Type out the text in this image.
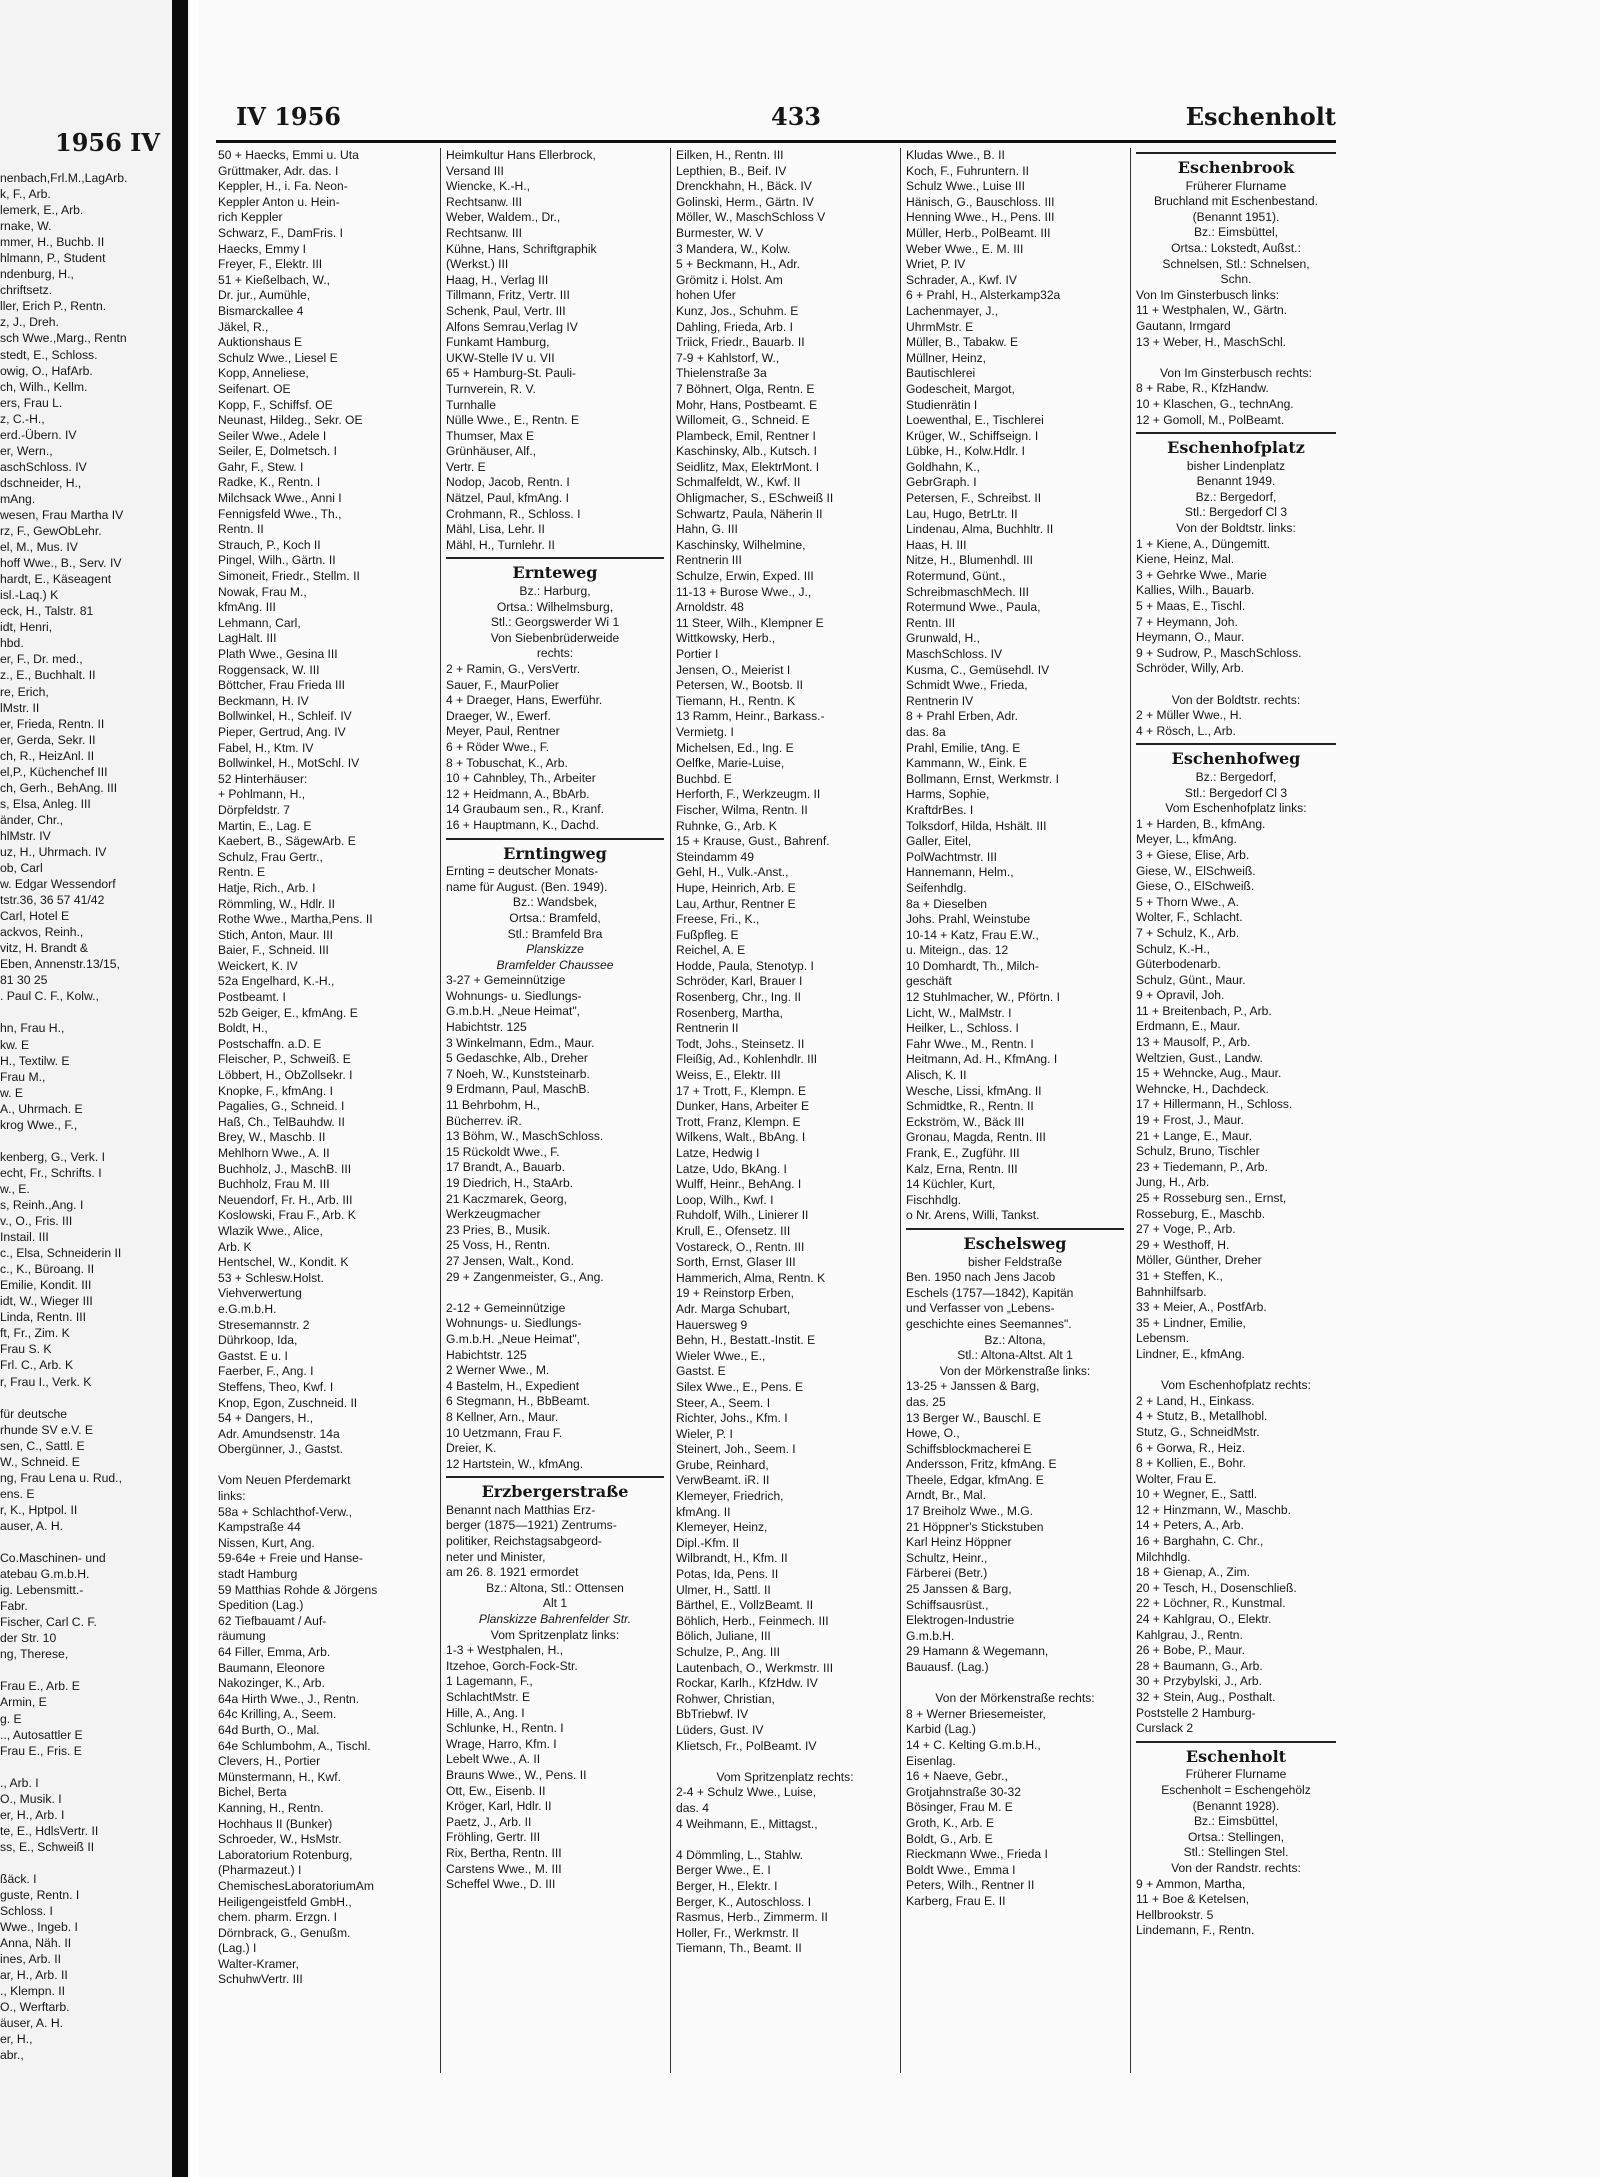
1956 IV
nenbach,Frl.M.,LagArb.
k, F., Arb.
lemerk, E., Arb.
rnake, W.
mmer, H., Buchb. II
hlmann, P., Student
ndenburg, H.,
chriftsetz.
ller, Erich P., Rentn.
z, J., Dreh.
sch Wwe.,Marg., Rentn
stedt, E., Schloss.
owig, O., HafArb.
ch, Wilh., Kellm.
ers, Frau L.
z, C.-H.,
erd.-Übern. IV
er, Wern.,
aschSchloss. IV
dschneider, H.,
mAng.
wesen, Frau Martha IV
rz, F., GewObLehr.
el, M., Mus. IV
hoff Wwe., B., Serv. IV
hardt, E., Käseagent
isl.-Laq.) K
eck, H., Talstr. 81
idt, Henri,
hbd.
er, F., Dr. med.,
z., E., Buchhalt. II
re, Erich,
lMstr. II
er, Frieda, Rentn. II
er, Gerda, Sekr. II
ch, R., HeizAnl. II
el,P., Küchenchef III
ch, Gerh., BehAng. III
s, Elsa, Anleg. III
änder, Chr.,
hlMstr. IV
uz, H., Uhrmach. IV
ob, Carl
w. Edgar Wessendorf
tstr.36, 36 57 41/42
Carl, Hotel E
ackvos, Reinh.,
vitz, H. Brandt &
Eben, Annenstr.13/15,
81 30 25
. Paul C. F., Kolw.,

hn, Frau H.,
kw. E
H., Textilw. E
Frau M.,
w. E
A., Uhrmach. E
krog Wwe., F.,

kenberg, G., Verk. I
echt, Fr., Schrifts. I
w., E.
s, Reinh.,Ang. I
v., O., Fris. III
Instail. III
c., Elsa, Schneiderin II
c., K., Büroang. II
Emilie, Kondit. III
idt, W., Wieger III
Linda, Rentn. III
ft, Fr., Zim. K
Frau S. K
Frl. C., Arb. K
r, Frau I., Verk. K

für deutsche
rhunde SV e.V. E
sen, C., Sattl. E
W., Schneid. E
ng, Frau Lena u. Rud.,
ens. E
r, K., Hptpol. II
auser, A. H.

Co.Maschinen- und
atebau G.m.b.H.
ig. Lebensmitt.-
Fabr.
Fischer, Carl C. F.
der Str. 10
ng, Therese,

Frau E., Arb. E
Armin, E
g. E
.., Autosattler E
Frau E., Fris. E

., Arb. I
O., Musik. I
er, H., Arb. I
te, E., HdlsVertr. II
ss, E., Schweiß II

ßäck. I
guste, Rentn. I
Schloss. I
Wwe., Ingeb. I
Anna, Näh. II
ines, Arb. II
ar, H., Arb. II
., Klempn. II
O., Werftarb.
äuser, A. H.
er, H.,
abr.,
IV 1956	433	Eschenholt
50 + Haecks, Emmi u. Uta
Grüttmaker, Adr. das. I
Keppler, H., i. Fa. Neon-
Keppler Anton u. Hein-
rich Keppler
Schwarz, F., DamFris. I
Haecks, Emmy I
Freyer, F., Elektr. III
51 + Kießelbach, W.,
Dr. jur., Aumühle,
Bismarckallee 4
Jäkel, R.,
Auktionshaus E
Schulz Wwe., Liesel E
Kopp, Anneliese,
Seifenart. OE
Kopp, F., Schiffsf. OE
Neunast, Hildeg., Sekr. OE
Seiler Wwe., Adele I
Seiler, E, Dolmetsch. I
Gahr, F., Stew. I
Radke, K., Rentn. I
Milchsack Wwe., Anni I
Fennigsfeld Wwe., Th.,
Rentn. II
Strauch, P., Koch II
Pingel, Wilh., Gärtn. II
Simoneit, Friedr., Stellm. II
Nowak, Frau M.,
kfmAng. III
Lehmann, Carl,
LagHalt. III
Plath Wwe., Gesina III
Roggensack, W. III
Böttcher, Frau Frieda III
Beckmann, H. IV
Bollwinkel, H., Schleif. IV
Pieper, Gertrud, Ang. IV
Fabel, H., Ktm. IV
Bollwinkel, H., MotSchl. IV
52 Hinterhäuser:
+ Pohlmann, H.,
Dörpfeldstr. 7
Martin, E., Lag. E
Kaebert, B., SägewArb. E
Schulz, Frau Gertr.,
Rentn. E
Hatje, Rich., Arb. I
Römmling, W., Hdlr. II
Rothe Wwe., Martha,Pens. II
Stich, Anton, Maur. III
Baier, F., Schneid. III
Weickert, K. IV
52a Engelhard, K.-H.,
Postbeamt. I
52b Geiger, E., kfmAng. E
Boldt, H.,
Postschaffn. a.D. E
Fleischer, P., Schweiß. E
Löbbert, H., ObZollsekr. I
Knopke, F., kfmAng. I
Pagalies, G., Schneid. I
Haß, Ch., TelBauhdw. II
Brey, W., Maschb. II
Mehlhorn Wwe., A. II
Buchholz, J., MaschB. III
Buchholz, Frau M. III
Neuendorf, Fr. H., Arb. III
Koslowski, Frau F., Arb. K
Wlazik Wwe., Alice,
Arb. K
Hentschel, W., Kondit. K
53 + Schlesw.Holst.
Viehverwertung
e.G.m.b.H.
Stresemannstr. 2
Dührkoop, Ida,
Gastst. E u. I
Faerber, F., Ang. I
Steffens, Theo, Kwf. I
Knop, Egon, Zuschneid. II
54 + Dangers, H.,
Adr. Amundsenstr. 14a
Obergünner, J., Gastst.

Vom Neuen Pferdemarkt
links:
58a + Schlachthof-Verw.,
Kampstraße 44
Nissen, Kurt, Ang.
59-64e + Freie und Hanse-
stadt Hamburg
59 Matthias Rohde & Jörgens
Spedition (Lag.)
62 Tiefbauamt / Auf-
räumung
64 Filler, Emma, Arb.
Baumann, Eleonore
Nakozinger, K., Arb.
64a Hirth Wwe., J., Rentn.
64c Krilling, A., Seem.
64d Burth, O., Mal.
64e Schlumbohm, A., Tischl.
Clevers, H., Portier
Münstermann, H., Kwf.
Bichel, Berta
Kanning, H., Rentn.
Hochhaus II (Bunker)
Schroeder, W., HsMstr.
Laboratorium Rotenburg,
(Pharmazeut.) I
ChemischesLaboratoriumAm
Heiligengeistfeld GmbH.,
chem. pharm. Erzgn. I
Dörnbrack, G., Genußm.
(Lag.) I
Walter-Kramer,
SchuhwVertr. III
Heimkultur Hans Ellerbrock,
Versand III
Wiencke, K.-H.,
Rechtsanw. III
Weber, Waldem., Dr.,
Rechtsanw. III
Kühne, Hans, Schriftgraphik
(Werkst.) III
Haag, H., Verlag III
Tillmann, Fritz, Vertr. III
Schenk, Paul, Vertr. III
Alfons Semrau,Verlag IV
Funkamt Hamburg,
UKW-Stelle IV u. VII
65 + Hamburg-St. Pauli-
Turnverein, R. V.
Turnhalle
Nülle Wwe., E., Rentn. E
Thumser, Max E
Grünhäuser, Alf.,
Vertr. E
Nodop, Jacob, Rentn. I
Nätzel, Paul, kfmAng. I
Crohmann, R., Schloss. I
Mähl, Lisa, Lehr. II
Mähl, H., Turnlehr. II
Ernteweg
Bz.: Harburg,
Ortsa.: Wilhelmsburg,
Stl.: Georgswerder Wi 1
Von Siebenbrüderweide
rechts:
2 + Ramin, G., VersVertr.
Sauer, F., MaurPolier
4 + Draeger, Hans, Ewerführ.
Draeger, W., Ewerf.
Meyer, Paul, Rentner
6 + Röder Wwe., F.
8 + Tobuschat, K., Arb.
10 + Cahnbley, Th., Arbeiter
12 + Heidmann, A., BbArb.
14 Graubaum sen., R., Kranf.
16 + Hauptmann, K., Dachd.
Erntingweg
Ernting = deutscher Monats-
name für August. (Ben. 1949).
Bz.: Wandsbek,
Ortsa.: Bramfeld,
Stl.: Bramfeld Bra
Planskizze
Bramfelder Chaussee
3-27 + Gemeinnützige
Wohnungs- u. Siedlungs-
G.m.b.H. „Neue Heimat",
Habichtstr. 125
3 Winkelmann, Edm., Maur.
5 Gedaschke, Alb., Dreher
7 Noeh, W., Kunststeinarb.
9 Erdmann, Paul, MaschB.
11 Behrbohm, H.,
Bücherrev. iR.
13 Böhm, W., MaschSchloss.
15 Rückoldt Wwe., F.
17 Brandt, A., Bauarb.
19 Diedrich, H., StaArb.
21 Kaczmarek, Georg,
Werkzeugmacher
23 Pries, B., Musik.
25 Voss, H., Rentn.
27 Jensen, Walt., Kond.
29 + Zangenmeister, G., Ang.

2-12 + Gemeinnützige
Wohnungs- u. Siedlungs-
G.m.b.H. „Neue Heimat",
Habichtstr. 125
2 Werner Wwe., M.
4 Bastelm, H., Expedient
6 Stegmann, H., BbBeamt.
8 Kellner, Arn., Maur.
10 Uetzmann, Frau F.
Dreier, K.
12 Hartstein, W., kfmAng.
Erzbergerstraße
Benannt nach Matthias Erz-
berger (1875—1921) Zentrums-
politiker, Reichstagsabgeord-
neter und Minister,
am 26. 8. 1921 ermordet
Bz.: Altona, Stl.: Ottensen
Alt 1
Planskizze Bahrenfelder Str.
Vom Spritzenplatz links:
1-3 + Westphalen, H.,
Itzehoe, Gorch-Fock-Str.
1 Lagemann, F.,
SchlachtMstr. E
Hille, A., Ang. I
Schlunke, H., Rentn. I
Wrage, Harro, Kfm. I
Lebelt Wwe., A. II
Brauns Wwe., W., Pens. II
Ott, Ew., Eisenb. II
Kröger, Karl, Hdlr. II
Paetz, J., Arb. II
Fröhling, Gertr. III
Rix, Bertha, Rentn. III
Carstens Wwe., M. III
Scheffel Wwe., D. III
Eilken, H., Rentn. III
Lepthien, B., Beif. IV
Drenckhahn, H., Bäck. IV
Golinski, Herm., Gärtn. IV
Möller, W., MaschSchloss V
Burmester, W. V
3 Mandera, W., Kolw.
5 + Beckmann, H., Adr.
Grömitz i. Holst. Am
hohen Ufer
Kunz, Jos., Schuhm. E
Dahling, Frieda, Arb. I
Triick, Friedr., Bauarb. II
7-9 + Kahlstorf, W.,
Thielenstraße 3a
7 Böhnert, Olga, Rentn. E
Mohr, Hans, Postbeamt. E
Willomeit, G., Schneid. E
Plambeck, Emil, Rentner I
Kaschinsky, Alb., Kutsch. I
Seidlitz, Max, ElektrMont. I
Schmalfeldt, W., Kwf. II
Ohligmacher, S., ESchweiß II
Schwartz, Paula, Näherin II
Hahn, G. III
Kaschinsky, Wilhelmine,
Rentnerin III
Schulze, Erwin, Exped. III
11-13 + Burose Wwe., J.,
Arnoldstr. 48
11 Steer, Wilh., Klempner E
Wittkowsky, Herb.,
Portier I
Jensen, O., Meierist I
Petersen, W., Bootsb. II
Tiemann, H., Rentn. K
13 Ramm, Heinr., Barkass.-
Vermietg. I
Michelsen, Ed., Ing. E
Oelfke, Marie-Luise,
Buchbd. E
Herforth, F., Werkzeugm. II
Fischer, Wilma, Rentn. II
Ruhnke, G., Arb. K
15 + Krause, Gust., Bahrenf.
Steindamm 49
Gehl, H., Vulk.-Anst.,
Hupe, Heinrich, Arb. E
Lau, Arthur, Rentner E
Freese, Fri., K.,
Fußpfleg. E
Reichel, A. E
Hodde, Paula, Stenotyp. I
Schröder, Karl, Brauer I
Rosenberg, Chr., Ing. II
Rosenberg, Martha,
Rentnerin II
Todt, Johs., Steinsetz. II
Fleißig, Ad., Kohlenhdlr. III
Weiss, E., Elektr. III
17 + Trott, F., Klempn. E
Dunker, Hans, Arbeiter E
Trott, Franz, Klempn. E
Wilkens, Walt., BbAng. I
Latze, Hedwig I
Latze, Udo, BkAng. I
Wulff, Heinr., BehAng. I
Loop, Wilh., Kwf. I
Ruhdolf, Wilh., Linierer II
Krull, E., Ofensetz. III
Vostareck, O., Rentn. III
Sorth, Ernst, Glaser III
Hammerich, Alma, Rentn. K
19 + Reinstorp Erben,
Adr. Marga Schubart,
Hauersweg 9
Behn, H., Bestatt.-Instit. E
Wieler Wwe., E.,
Gastst. E
Silex Wwe., E., Pens. E
Steer, A., Seem. I
Richter, Johs., Kfm. I
Wieler, P. I
Steinert, Joh., Seem. I
Grube, Reinhard,
VerwBeamt. iR. II
Klemeyer, Friedrich,
kfmAng. II
Klemeyer, Heinz,
Dipl.-Kfm. II
Wilbrandt, H., Kfm. II
Potas, Ida, Pens. II
Ulmer, H., Sattl. II
Bärthel, E., VollzBeamt. II
Böhlich, Herb., Feinmech. III
Bölich, Juliane, III
Schulze, P., Ang. III
Lautenbach, O., Werkmstr. III
Rockar, Karlh., KfzHdw. IV
Rohwer, Christian,
BbTriebwf. IV
Lüders, Gust. IV
Klietsch, Fr., PolBeamt. IV

Vom Spritzenplatz rechts:
2-4 + Schulz Wwe., Luise,
das. 4
4 Weihmann, E., Mittagst.,

4 Dömmling, L., Stahlw.
Berger Wwe., E. I
Berger, H., Elektr. I
Berger, K., Autoschloss. I
Rasmus, Herb., Zimmerm. II
Holler, Fr., Werkmstr. II
Tiemann, Th., Beamt. II
Kludas Wwe., B. II
Koch, F., Fuhruntern. II
Schulz Wwe., Luise III
Hänisch, G., Bauschloss. III
Henning Wwe., H., Pens. III
Müller, Herb., PolBeamt. III
Weber Wwe., E. M. III
Wriet, P. IV
Schrader, A., Kwf. IV
6 + Prahl, H., Alsterkamp32a
Lachenmayer, J.,
UhrmMstr. E
Müller, B., Tabakw. E
Müllner, Heinz,
Bautischlerei
Godescheit, Margot,
Studienrätin I
Loewenthal, E., Tischlerei
Krüger, W., Schiffseign. I
Lübke, H., Kolw.Hdlr. I
Goldhahn, K.,
GebrGraph. I
Petersen, F., Schreibst. II
Lau, Hugo, BetrLtr. II
Lindenau, Alma, Buchhltr. II
Haas, H. III
Nitze, H., Blumenhdl. III
Rotermund, Günt.,
SchreibmaschMech. III
Rotermund Wwe., Paula,
Rentn. III
Grunwald, H.,
MaschSchloss. IV
Kusma, C., Gemüsehdl. IV
Schmidt Wwe., Frieda,
Rentnerin IV
8 + Prahl Erben, Adr.
das. 8a
Prahl, Emilie, tAng. E
Kammann, W., Eink. E
Bollmann, Ernst, Werkmstr. I
Harms, Sophie,
KraftdrBes. I
Tolksdorf, Hilda, Hshält. III
Galler, Eitel,
PolWachtmstr. III
Hannemann, Helm.,
Seifenhdlg.
8a + Dieselben
Johs. Prahl, Weinstube
10-14 + Katz, Frau E.W.,
u. Miteign., das. 12
10 Domhardt, Th., Milch-
geschäft
12 Stuhlmacher, W., Pförtn. I
Licht, W., MalMstr. I
Heilker, L., Schloss. I
Fahr Wwe., M., Rentn. I
Heitmann, Ad. H., KfmAng. I
Alisch, K. II
Wesche, Lissi, kfmAng. II
Schmidtke, R., Rentn. II
Eckström, W., Bäck III
Gronau, Magda, Rentn. III
Frank, E., Zugführ. III
Kalz, Erna, Rentn. III
14 Küchler, Kurt,
Fischhdlg.
o Nr. Arens, Willi, Tankst.
Eschelsweg
bisher Feldstraße
Ben. 1950 nach Jens Jacob
Eschels (1757—1842), Kapitän
und Verfasser von „Lebens-
geschichte eines Seemannes".
Bz.: Altona,
Stl.: Altona-Altst. Alt 1
Von der Mörkenstraße links:
13-25 + Janssen & Barg,
das. 25
13 Berger W., Bauschl. E
Howe, O.,
Schiffsblockmacherei E
Andersson, Fritz, kfmAng. E
Theele, Edgar, kfmAng. E
Arndt, Br., Mal.
17 Breiholz Wwe., M.G.
21 Höppner's Stickstuben
Karl Heinz Höppner
Schultz, Heinr.,
Färberei (Betr.)
25 Janssen & Barg,
Schiffsausrüst.,
Elektrogen-Industrie
G.m.b.H.
29 Hamann & Wegemann,
Bauausf. (Lag.)

Von der Mörkenstraße rechts:
8 + Werner Briesemeister,
Karbid (Lag.)
14 + C. Kelting G.m.b.H.,
Eisenlag.
16 + Naeve, Gebr.,
Grotjahnstraße 30-32
Bösinger, Frau M. E
Groth, K., Arb. E
Boldt, G., Arb. E
Rieckmann Wwe., Frieda I
Boldt Wwe., Emma I
Peters, Wilh., Rentner II
Karberg, Frau E. II
Eschenbrook
Früherer Flurname
Bruchland mit Eschenbestand.
(Benannt 1951).
Bz.: Eimsbüttel,
Ortsa.: Lokstedt, Außst.:
Schnelsen, Stl.: Schnelsen,
Schn.
Von Im Ginsterbusch links:
11 + Westphalen, W., Gärtn.
Gautann, Irmgard
13 + Weber, H., MaschSchl.

Von Im Ginsterbusch rechts:
8 + Rabe, R., KfzHandw.
10 + Klaschen, G., technAng.
12 + Gomoll, M., PolBeamt.
Eschenhofplatz
bisher Lindenplatz
Benannt 1949.
Bz.: Bergedorf,
Stl.: Bergedorf Cl 3
Von der Boldtstr. links:
1 + Kiene, A., Düngemitt.
Kiene, Heinz, Mal.
3 + Gehrke Wwe., Marie
Kallies, Wilh., Bauarb.
5 + Maas, E., Tischl.
7 + Heymann, Joh.
Heymann, O., Maur.
9 + Sudrow, P., MaschSchloss.
Schröder, Willy, Arb.

Von der Boldtstr. rechts:
2 + Müller Wwe., H.
4 + Rösch, L., Arb.
Eschenhofweg
Bz.: Bergedorf,
Stl.: Bergedorf Cl 3
Vom Eschenhofplatz links:
1 + Harden, B., kfmAng.
Meyer, L., kfmAng.
3 + Giese, Elise, Arb.
Giese, W., ElSchweiß.
Giese, O., ElSchweiß.
5 + Thorn Wwe., A.
Wolter, F., Schlacht.
7 + Schulz, K., Arb.
Schulz, K.-H.,
Güterbodenarb.
Schulz, Günt., Maur.
9 + Opravil, Joh.
11 + Breitenbach, P., Arb.
Erdmann, E., Maur.
13 + Mausolf, P., Arb.
Weltzien, Gust., Landw.
15 + Wehncke, Aug., Maur.
Wehncke, H., Dachdeck.
17 + Hillermann, H., Schloss.
19 + Frost, J., Maur.
21 + Lange, E., Maur.
Schulz, Bruno, Tischler
23 + Tiedemann, P., Arb.
Jung, H., Arb.
25 + Rosseburg sen., Ernst,
Rosseburg, E., Maschb.
27 + Voge, P., Arb.
29 + Westhoff, H.
Möller, Günther, Dreher
31 + Steffen, K.,
Bahnhilfsarb.
33 + Meier, A., PostfArb.
35 + Lindner, Emilie,
Lebensm.
Lindner, E., kfmAng.

Vom Eschenhofplatz rechts:
2 + Land, H., Einkass.
4 + Stutz, B., Metallhobl.
Stutz, G., SchneidMstr.
6 + Gorwa, R., Heiz.
8 + Kollien, E., Bohr.
Wolter, Frau E.
10 + Wegner, E., Sattl.
12 + Hinzmann, W., Maschb.
14 + Peters, A., Arb.
16 + Barghahn, C. Chr.,
Milchhdlg.
18 + Gienap, A., Zim.
20 + Tesch, H., Dosenschließ.
22 + Löchner, R., Kunstmal.
24 + Kahlgrau, O., Elektr.
Kahlgrau, J., Rentn.
26 + Bobe, P., Maur.
28 + Baumann, G., Arb.
30 + Przybylski, J., Arb.
32 + Stein, Aug., Posthalt.
Poststelle 2 Hamburg-
Curslack 2
Eschenholt
Früherer Flurname
Eschenholt = Eschengehölz
(Benannt 1928).
Bz.: Eimsbüttel,
Ortsa.: Stellingen,
Stl.: Stellingen Stel.
Von der Randstr. rechts:
9 + Ammon, Martha,
11 + Boe & Ketelsen,
Hellbrookstr. 5
Lindemann, F., Rentn.
